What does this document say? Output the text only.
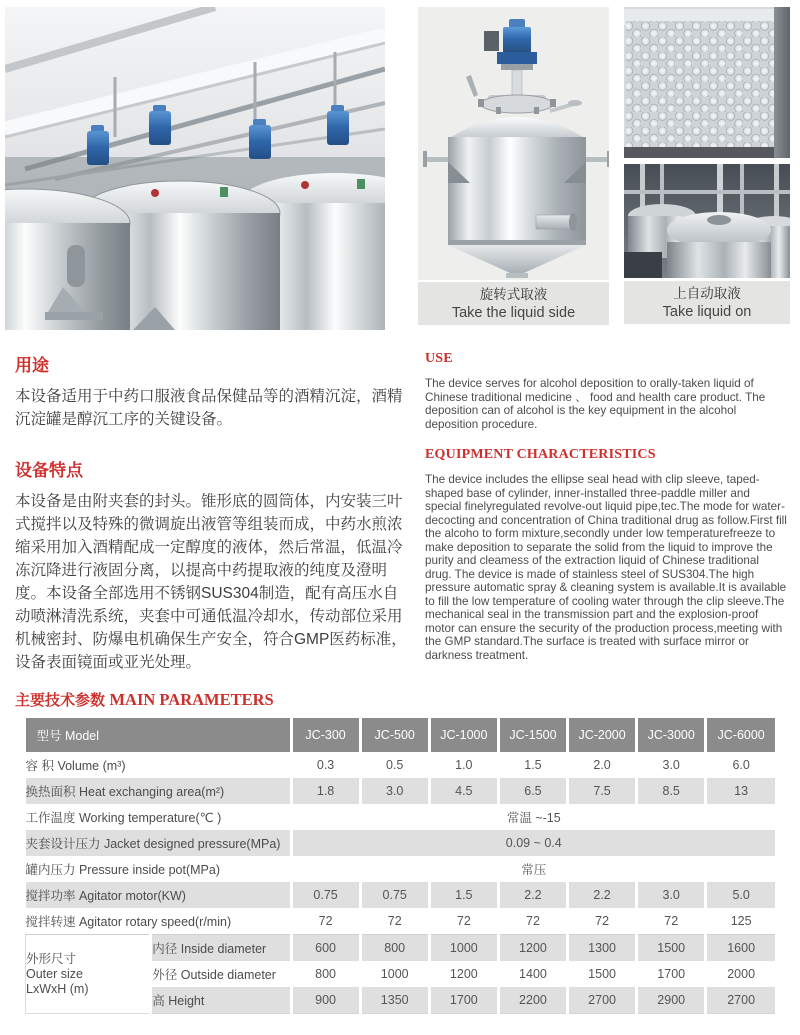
旋转式取液
Take the liquid side
上自动取液
Take liquid on
用途

本设备适用于中药口服液食品保健品等的酒精沉淀，酒精沉淀罐是醇沉工序的关键设备。

设备特点

本设备是由附夹套的封头。锥形底的圆筒体，内安装三叶式搅拌以及特殊的微调旋出液管等组装而成，中药水煎浓缩采用加入酒精配成一定醇度的液体，然后常温，低温冷冻沉降进行液固分离，以提高中药提取液的纯度及澄明度。本设备全部选用不锈钢SUS304制造，配有高压水自动喷淋清洗系统，夹套中可通低温冷却水，传动部位采用机械密封、防爆电机确保生产安全，符合GMP医药标准，设备表面镜面或亚光处理。

USE

The device serves for alcohol deposition to orally-taken liquid of Chinese traditional medicine 、 food and health care product. The deposition can of alcohol is the key equipment in the alcohol deposition procedure.

EQUIPMENT CHARACTERISTICS

The device includes the ellipse seal head with clip sleeve, taped-shaped base of cylinder, inner-installed three-paddle miller and special finelyregulated revolve-out liquid pipe,tec.The mode for water-decocting and concentration of China traditional drug as follow.First fill the alcoho to form mixture,secondly under low temperaturefreeze to make deposition to separate the solid from the liquid to improve the purity and cleamess of the extraction liquid of Chinese traditional drug. The device is made of stainless steel of SUS304.The high pressure automatic spray & cleaning system is available.It is available to fill the low temperature of cooling water through the clip sleeve.The mechanical seal in the transmission part and the explosion-proof motor can ensure the security of the production process,meeting with the GMP standard.The surface is treated with surface mirror or darkness treatment.

主要技术参数 MAIN PARAMETERS
型号 Model		JC-300	JC-500	JC-1000	JC-1500	JC-2000	JC-3000	JC-6000
容 积 Volume (m³)		0.3	0.5	1.0	1.5	2.0	3.0	6.0
换热面积 Heat exchanging area(m²)		1.8	3.0	4.5	6.5	7.5	8.5	13
工作温度 Working temperature(℃ )		常温 ~-15						
夹套设计压力 Jacket designed pressure(MPa)		0.09 ~ 0.4						
罐内压力 Pressure inside pot(MPa)		常压						
搅拌功率 Agitator motor(KW)		0.75	0.75	1.5	2.2	2.2	3.0	5.0
搅拌转速 Agitator rotary speed(r/min)		72	72	72	72	72	72	125

外形尺寸
Outer size
LxWxH (m)	内径 Inside diameter	600	800	1000	1200	1300	1500	1600
	外径 Outside diameter	800	1000	1200	1400	1500	1700	2000
	高 Height	900	1350	1700	2200	2700	2900	2700
